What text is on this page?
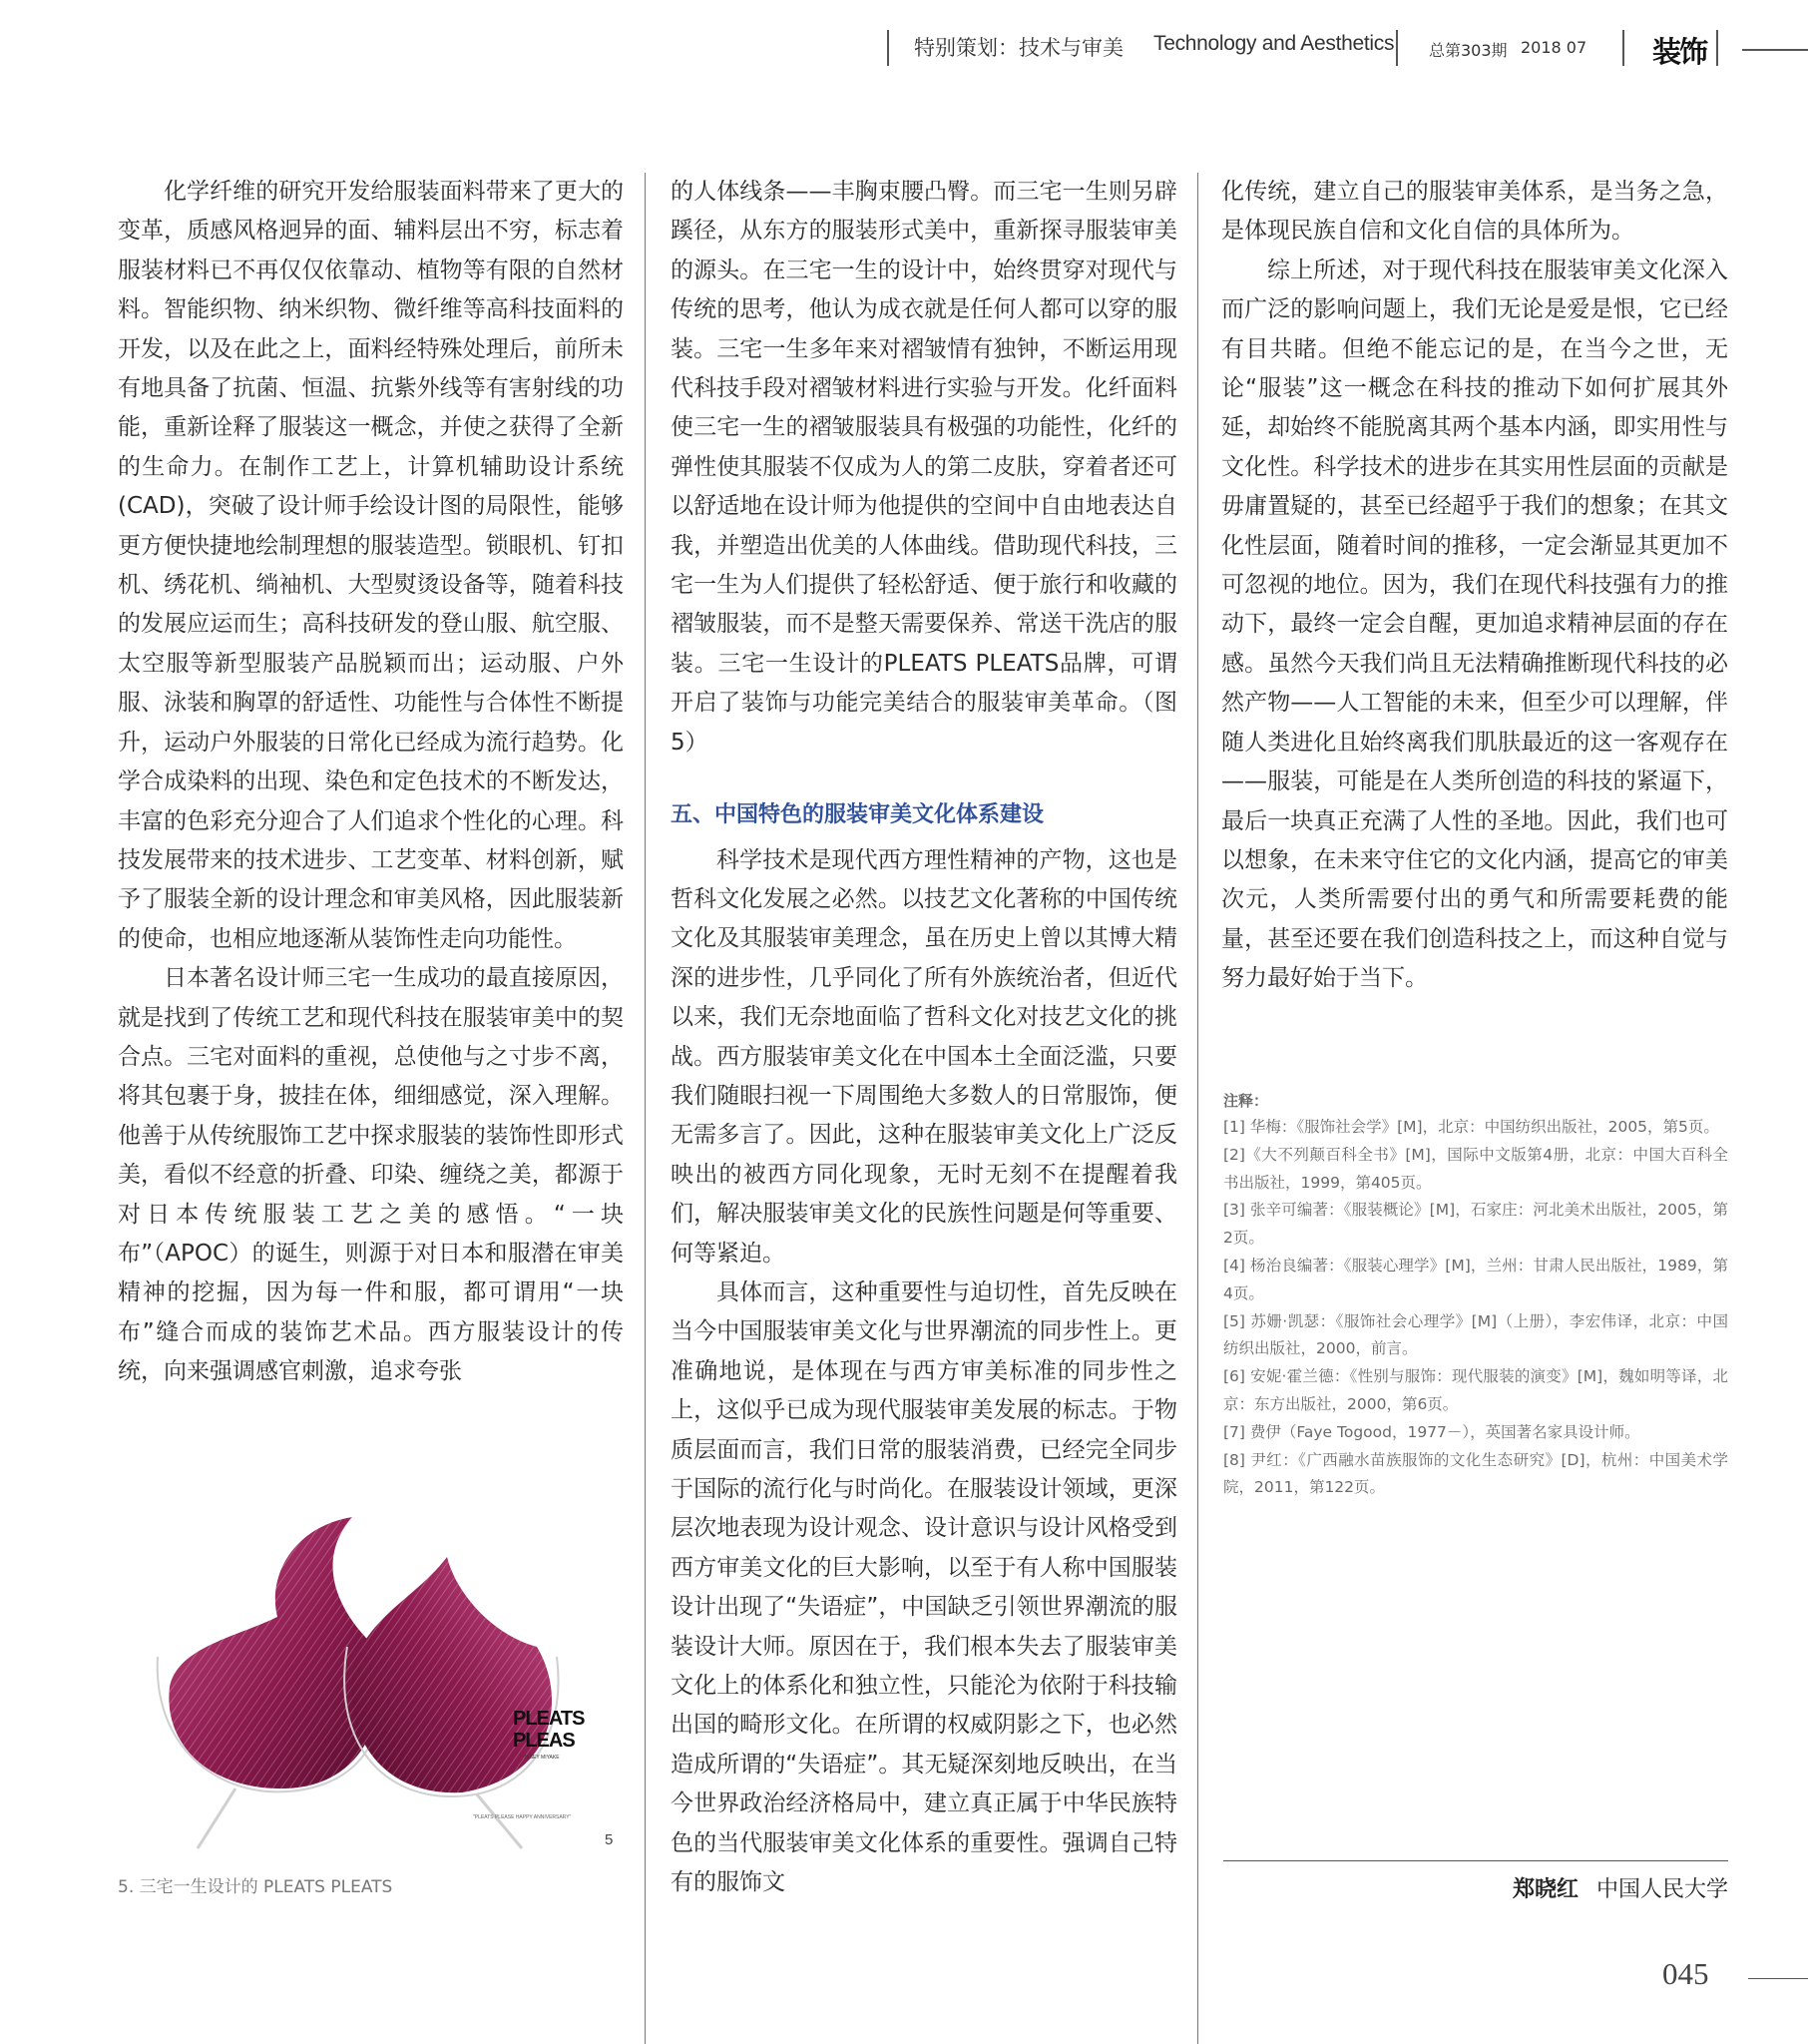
特别策划：技术与审美 Technology and Aesthetics 总第303期 2018 07 装饰

化学纤维的研究开发给服装面料带来了更大的变革，质感风格迥异的面、辅料层出不穷，标志着服装材料已不再仅仅依靠动、植物等有限的自然材料。智能织物、纳米织物、微纤维等高科技面料的开发，以及在此之上，面料经特殊处理后，前所未有地具备了抗菌、恒温、抗紫外线等有害射线的功能，重新诠释了服装这一概念，并使之获得了全新的生命力。在制作工艺上，计算机辅助设计系统(CAD)，突破了设计师手绘设计图的局限性，能够更方便快捷地绘制理想的服装造型。锁眼机、钉扣机、绣花机、绱袖机、大型熨烫设备等，随着科技的发展应运而生；高科技研发的登山服、航空服、太空服等新型服装产品脱颖而出；运动服、户外服、泳装和胸罩的舒适性、功能性与合体性不断提升，运动户外服装的日常化已经成为流行趋势。化学合成染料的出现、染色和定色技术的不断发达，丰富的色彩充分迎合了人们追求个性化的心理。科技发展带来的技术进步、工艺变革、材料创新，赋予了服装全新的设计理念和审美风格，因此服装新的使命，也相应地逐渐从装饰性走向功能性。

日本著名设计师三宅一生成功的最直接原因，就是找到了传统工艺和现代科技在服装审美中的契合点。三宅对面料的重视，总使他与之寸步不离，将其包裹于身，披挂在体，细细感觉，深入理解。他善于从传统服饰工艺中探求服装的装饰性即形式美，看似不经意的折叠、印染、缠绕之美，都源于对日本传统服装工艺之美的感悟。“一块布”（APOC）的诞生，则源于对日本和服潜在审美精神的挖掘，因为每一件和服，都可谓用“一块布”缝合而成的装饰艺术品。西方服装设计的传统，向来强调感官刺激，追求夸张

的人体线条——丰胸束腰凸臀。而三宅一生则另辟蹊径，从东方的服装形式美中，重新探寻服装审美的源头。在三宅一生的设计中，始终贯穿对现代与传统的思考，他认为成衣就是任何人都可以穿的服装。三宅一生多年来对褶皱情有独钟，不断运用现代科技手段对褶皱材料进行实验与开发。化纤面料使三宅一生的褶皱服装具有极强的功能性，化纤的弹性使其服装不仅成为人的第二皮肤，穿着者还可以舒适地在设计师为他提供的空间中自由地表达自我，并塑造出优美的人体曲线。借助现代科技，三宅一生为人们提供了轻松舒适、便于旅行和收藏的褶皱服装，而不是整天需要保养、常送干洗店的服装。三宅一生设计的PLEATS PLEATS品牌，可谓开启了装饰与功能完美结合的服装审美革命。（图5）

五、中国特色的服装审美文化体系建设

科学技术是现代西方理性精神的产物，这也是哲科文化发展之必然。以技艺文化著称的中国传统文化及其服装审美理念，虽在历史上曾以其博大精深的进步性，几乎同化了所有外族统治者，但近代以来，我们无奈地面临了哲科文化对技艺文化的挑战。西方服装审美文化在中国本土全面泛滥，只要我们随眼扫视一下周围绝大多数人的日常服饰，便无需多言了。因此，这种在服装审美文化上广泛反映出的被西方同化现象，无时无刻不在提醒着我们，解决服装审美文化的民族性问题是何等重要、何等紧迫。

具体而言，这种重要性与迫切性，首先反映在当今中国服装审美文化与世界潮流的同步性上。更准确地说，是体现在与西方审美标准的同步性之上，这似乎已成为现代服装审美发展的标志。于物质层面而言，我们日常的服装消费，已经完全同步于国际的流行化与时尚化。在服装设计领域，更深层次地表现为设计观念、设计意识与设计风格受到西方审美文化的巨大影响，以至于有人称中国服装设计出现了“失语症”，中国缺乏引领世界潮流的服装设计大师。原因在于，我们根本失去了服装审美文化上的体系化和独立性，只能沦为依附于科技输出国的畸形文化。在所谓的权威阴影之下，也必然造成所谓的“失语症”。其无疑深刻地反映出，在当今世界政治经济格局中，建立真正属于中华民族特色的当代服装审美文化体系的重要性。强调自己特有的服饰文

化传统，建立自己的服装审美体系，是当务之急，是体现民族自信和文化自信的具体所为。

综上所述，对于现代科技在服装审美文化深入而广泛的影响问题上，我们无论是爱是恨，它已经有目共睹。但绝不能忘记的是，在当今之世，无论“服装”这一概念在科技的推动下如何扩展其外延，却始终不能脱离其两个基本内涵，即实用性与文化性。科学技术的进步在其实用性层面的贡献是毋庸置疑的，甚至已经超乎于我们的想象；在其文化性层面，随着时间的推移，一定会渐显其更加不可忽视的地位。因为，我们在现代科技强有力的推动下，最终一定会自醒，更加追求精神层面的存在感。虽然今天我们尚且无法精确推断现代科技的必然产物——人工智能的未来，但至少可以理解，伴随人类进化且始终离我们肌肤最近的这一客观存在——服装，可能是在人类所创造的科技的紧逼下，最后一块真正充满了人性的圣地。因此，我们也可以想象，在未来守住它的文化内涵，提高它的审美次元，人类所需要付出的勇气和所需要耗费的能量，甚至还要在我们创造科技之上，而这种自觉与努力最好始于当下。

注释：
[1] 华梅：《服饰社会学》[M]，北京：中国纺织出版社，2005，第5页。
[2]《大不列颠百科全书》[M]，国际中文版第4册，北京：中国大百科全书出版社，1999，第405页。
[3] 张辛可编著：《服装概论》[M]，石家庄：河北美术出版社，2005，第2页。
[4] 杨治良编著：《服装心理学》[M]，兰州：甘肃人民出版社，1989，第4页。
[5] 苏姗·凯瑟：《服饰社会心理学》[M]（上册），李宏伟译，北京：中国纺织出版社，2000，前言。
[6] 安妮·霍兰德：《性别与服饰：现代服装的演变》[M]，魏如明等译，北京：东方出版社，2000，第6页。
[7] 费伊（Faye Togood，1977－），英国著名家具设计师。
[8] 尹红：《广西融水苗族服饰的文化生态研究》[D]，杭州：中国美术学院，2011，第122页。
郑晓红 中国人民大学
PLEATS
PLEAS
ISSEY MIYAKE
"PLEATS PLEASE HAPPY ANNIVERSARY"
5
5. 三宅一生设计的 PLEATS PLEATS
045
